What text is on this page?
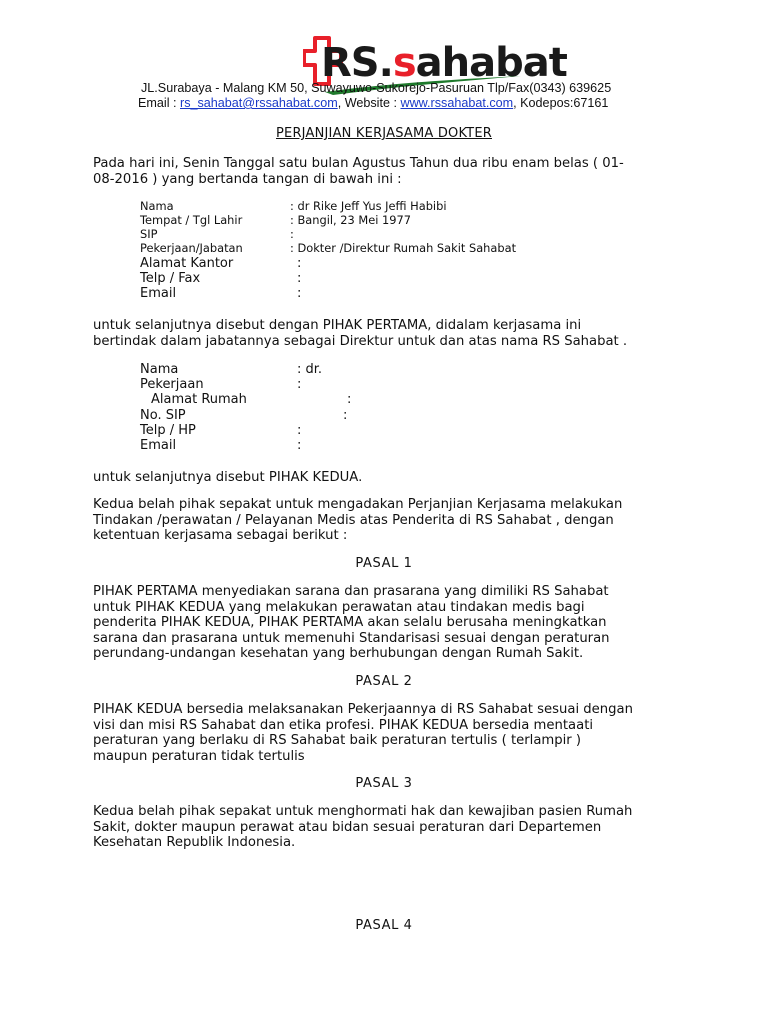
RS.sahabat
JL.Surabaya - Malang KM 50, Suwayuwo-Sukorejo-Pasuruan Tlp/Fax(0343) 639625
Email : rs_sahabat@rssahabat.com, Website : www.rssahabat.com, Kodepos:67161
PERJANJIAN KERJASAMA DOKTER
Pada hari ini, Senin Tanggal satu bulan Agustus Tahun dua ribu enam belas ( 01-
08-2016 ) yang bertanda tangan di bawah ini :
Nama	: dr Rike Jeff Yus Jeffi Habibi
Tempat / Tgl Lahir	: Bangil, 23 Mei 1977
SIP	:
Pekerjaan/Jabatan	: Dokter /Direktur Rumah Sakit Sahabat
Alamat Kantor	:
Telp / Fax	:
Email	:
untuk selanjutnya disebut dengan PIHAK PERTAMA, didalam kerjasama ini
bertindak dalam jabatannya sebagai Direktur untuk dan atas nama RS Sahabat .
Nama	: dr.
Pekerjaan	:
Alamat Rumah	:
No. SIP	:
Telp / HP	:
Email	:
untuk selanjutnya disebut PIHAK KEDUA.
Kedua belah pihak sepakat untuk mengadakan Perjanjian Kerjasama melakukan
Tindakan /perawatan / Pelayanan Medis atas Penderita di RS Sahabat , dengan
ketentuan kerjasama sebagai berikut :
PASAL 1
PIHAK PERTAMA menyediakan sarana dan prasarana yang dimiliki RS Sahabat
untuk PIHAK KEDUA yang melakukan perawatan atau tindakan medis bagi
penderita PIHAK KEDUA, PIHAK PERTAMA akan selalu berusaha meningkatkan
sarana dan prasarana untuk memenuhi Standarisasi sesuai dengan peraturan
perundang-undangan kesehatan yang berhubungan dengan Rumah Sakit.
PASAL 2
PIHAK KEDUA bersedia melaksanakan Pekerjaannya di RS Sahabat sesuai dengan
visi dan misi RS Sahabat dan etika profesi. PIHAK KEDUA bersedia mentaati
peraturan yang berlaku di RS Sahabat baik peraturan tertulis ( terlampir )
maupun peraturan tidak tertulis
PASAL 3
Kedua belah pihak sepakat untuk menghormati hak dan kewajiban pasien Rumah
Sakit, dokter maupun perawat atau bidan sesuai peraturan dari Departemen
Kesehatan Republik Indonesia.
PASAL 4
